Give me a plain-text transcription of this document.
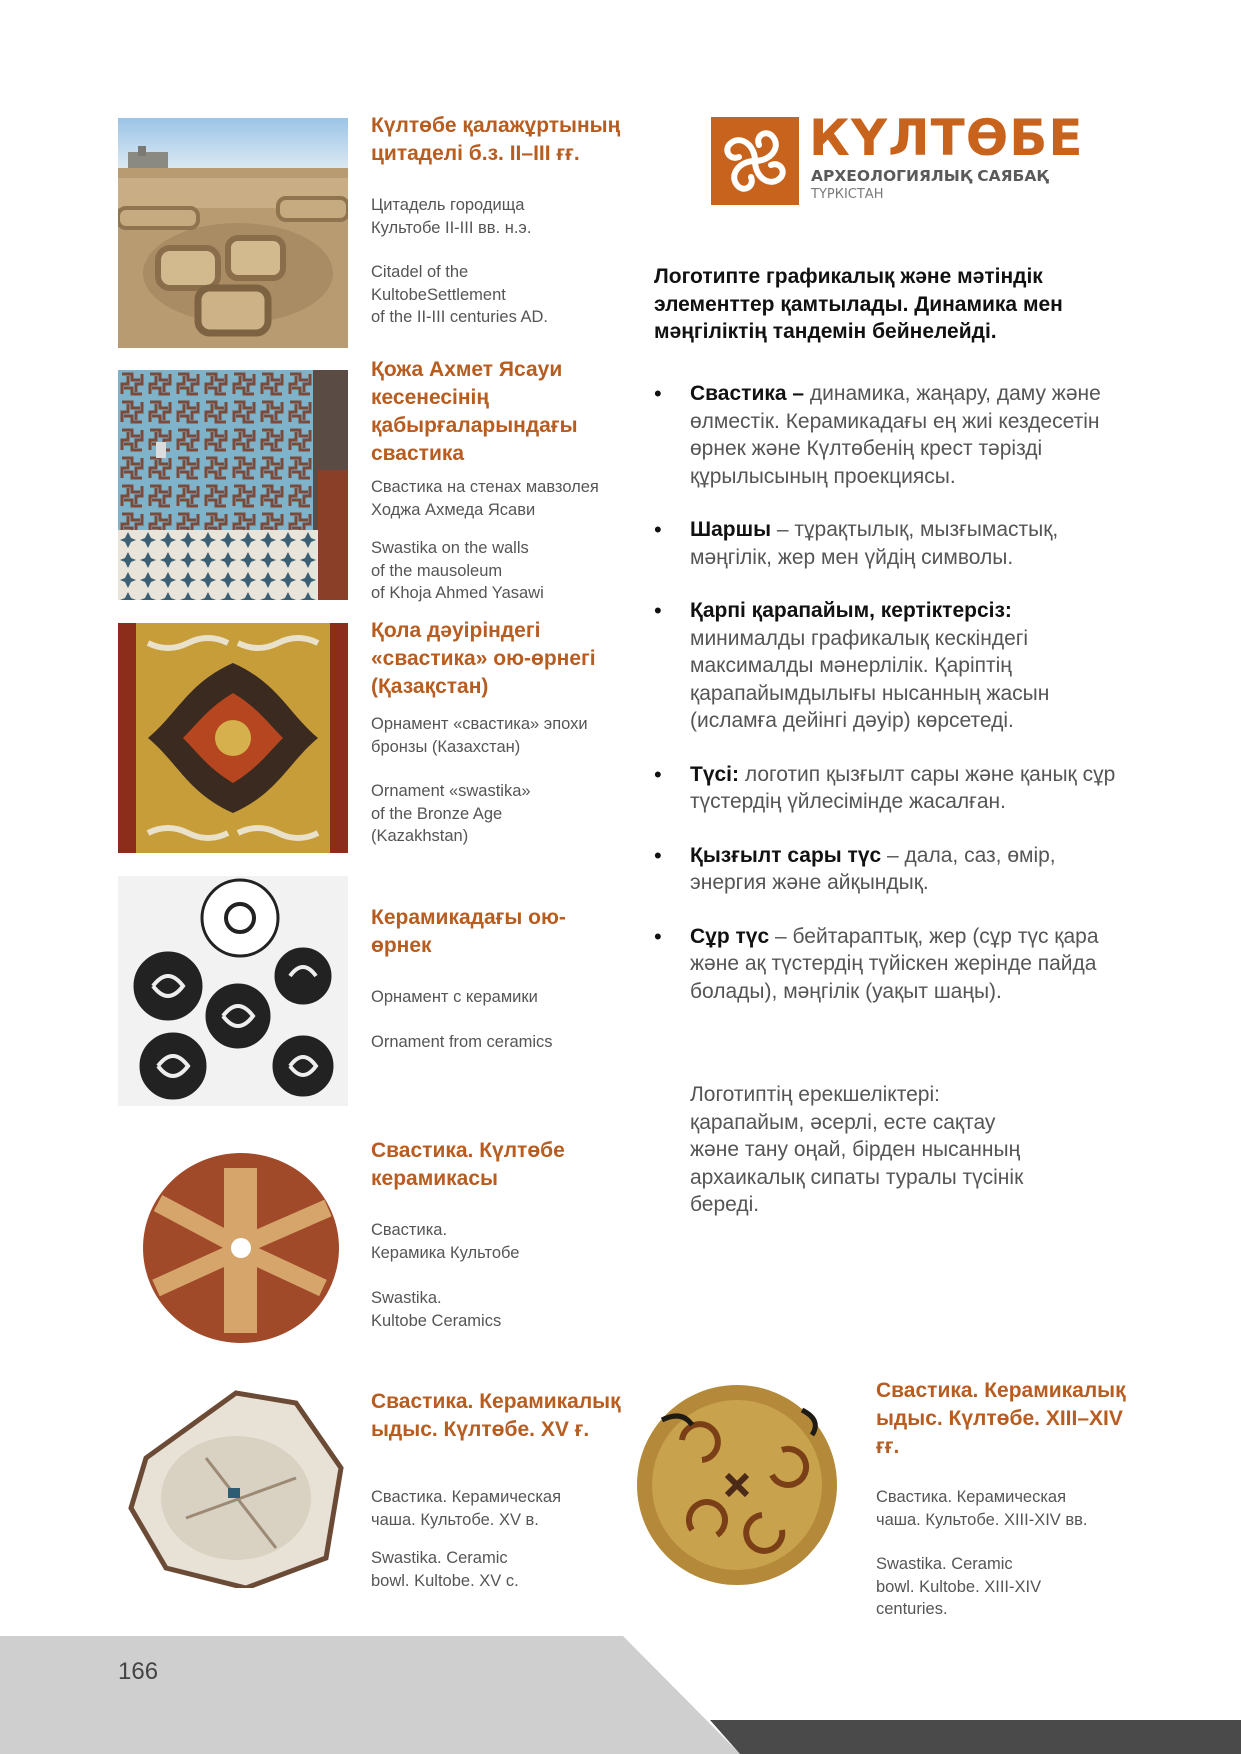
Күлтөбе қалажұртының цитаделі б.з. ІІ–ІІІ ғғ.
Цитадель городища
Культобе II-III вв. н.э.
Citadel of the
KultobeSettlement
of the II-III centuries AD.
Қожа Ахмет Ясауи кесенесінің қабырғаларындағы свастика
Свастика на стенах мавзолея
Ходжа Ахмеда Ясави
Swastika on the walls
of the mausoleum
of Khoja Ahmed Yasawi
Қола дәуіріндегі «свастика» ою-өрнегі (Қазақстан)
Орнамент «свастика» эпохи
бронзы (Казахстан)
Ornament «swastika»
of the Bronze Age
(Kazakhstan)
Керамикадағы ою-өрнек
Орнамент с керамики
Ornament from ceramics
Свастика. Күлтөбе керамикасы
Свастика.
Керамика Культобе
Swastika.
Kultobe Ceramics
Свастика. Керамикалық ыдыс. Күлтөбе. XV ғ.
Свастика. Керамическая
чаша. Культобе. XV в.
Swastika. Ceramic
bowl. Kultobe. XV c.
Свастика. Керамикалық ыдыс. Күлтөбе. XIII–XIV ғғ.
Свастика. Керамическая
чаша. Культобе. XIII-XIV вв.
Swastika. Ceramic
bowl. Kultobe. XIII-XIV
centuries.
КҮЛТӨБЕ
АРХЕОЛОГИЯЛЫҚ САЯБАҚ
ТҮРКІСТАН
Логотипте графикалық және мәтіндік элементтер қамтылады. Динамика мен мәңгіліктің тандемін бейнелейді.
• Свастика – динамика, жаңару, даму және өлместік. Керамикадағы ең жиі кездесетін өрнек және Күлтөбенің крест тәрізді құрылысының проекциясы.
• Шаршы – тұрақтылық, мызғымастық, мәңгілік, жер мен үйдің символы.
• Қарпі қарапайым, кертіктерсіз: минималды графикалық кескіндегі максималды мәнерлілік. Қаріптің қарапайымдылығы нысанның жасын (исламға дейінгі дәуір) көрсетеді.
• Түсі: логотип қызғылт сары және қанық сұр түстердің үйлесімінде жасалған.
• Қызғылт сары түс – дала, саз, өмір, энергия және айқындық.
• Сұр түс – бейтараптық, жер (сұр түс қара және ақ түстердің түйіскен жерінде пайда болады), мәңгілік (уақыт шаңы).
Логотиптің ерекшеліктері: қарапайым, әсерлі, есте сақтау және тану оңай, бірден нысанның архаикалық сипаты туралы түсінік береді.
166
